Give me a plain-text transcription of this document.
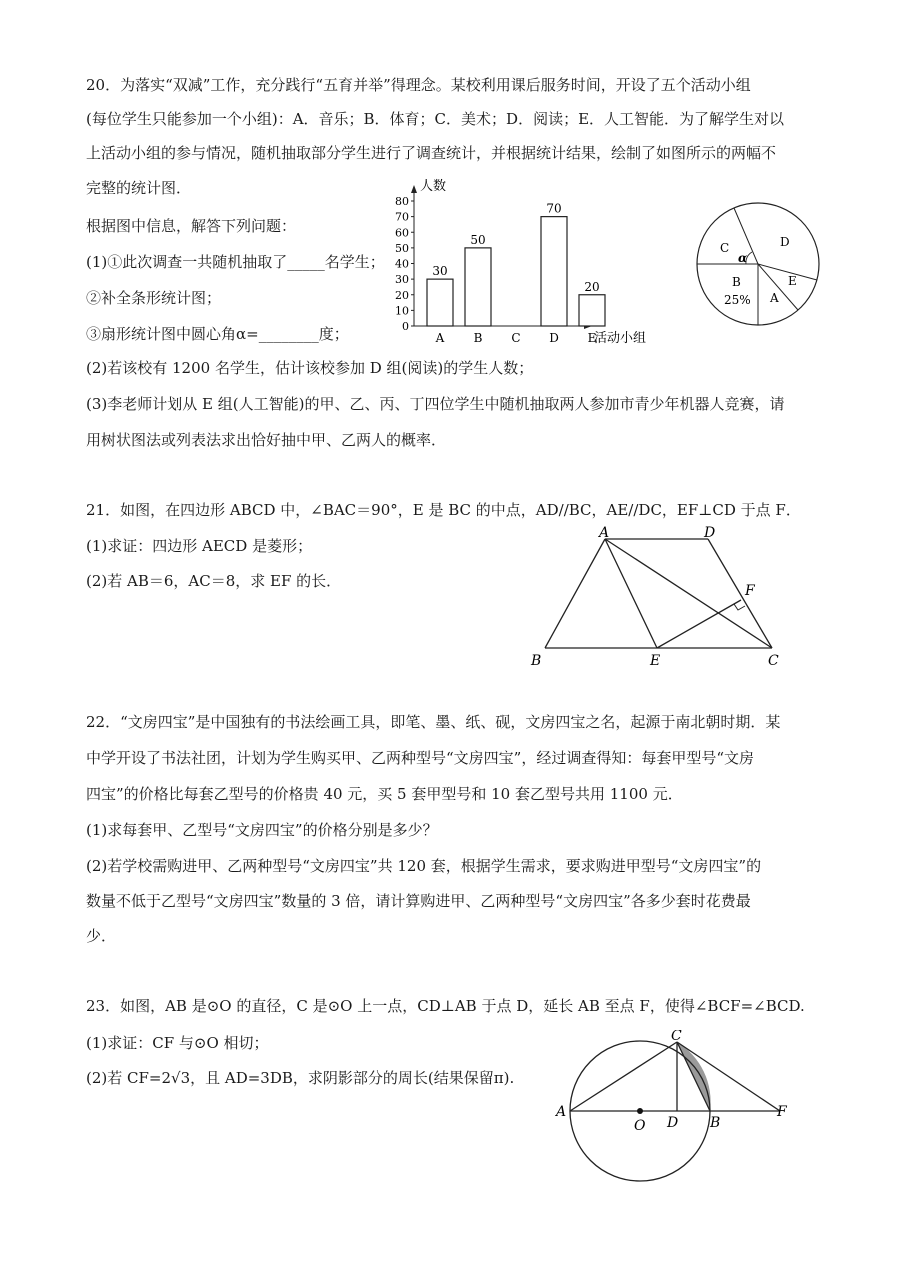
20．为落实“双减”工作，充分践行“五育并举”得理念。某校利用课后服务时间，开设了五个活动小组
(每位学生只能参加一个小组)：A．音乐；B．体育；C．美术；D．阅读；E．人工智能．为了解学生对以
上活动小组的参与情况，随机抽取部分学生进行了调查统计，并根据统计结果，绘制了如图所示的两幅不
完整的统计图．
根据图中信息，解答下列问题：
(1)①此次调查一共随机抽取了_____名学生；
②补全条形统计图；
③扇形统计图中圆心角α=________度；
(2)若该校有 1200 名学生，估计该校参加 D 组(阅读)的学生人数；
(3)李老师计划从 E 组(人工智能)的甲、乙、丙、丁四位学生中随机抽取两人参加市青少年机器人竞赛，请
用树状图法或列表法求出恰好抽中甲、乙两人的概率．
0
10
20
30
40
50
60
70
80
30
50
70
20
A B C D E
人数
活动小组
C
α
D
B
25%
E
A
21．如图，在四边形 ABCD 中，∠BAC＝90°，E 是 BC 的中点，AD//BC，AE//DC，EF⊥CD 于点 F．
(1)求证：四边形 AECD 是菱形；
(2)若 AB＝6，AC＝8，求 EF 的长．
A	D
F
B	E	C
22．“文房四宝”是中国独有的书法绘画工具，即笔、墨、纸、砚，文房四宝之名，起源于南北朝时期．某
中学开设了书法社团，计划为学生购买甲、乙两种型号“文房四宝”，经过调查得知：每套甲型号“文房
四宝”的价格比每套乙型号的价格贵 40 元，买 5 套甲型号和 10 套乙型号共用 1100 元．
(1)求每套甲、乙型号“文房四宝”的价格分别是多少？
(2)若学校需购进甲、乙两种型号“文房四宝”共 120 套，根据学生需求，要求购进甲型号“文房四宝”的
数量不低于乙型号“文房四宝”数量的 3 倍，请计算购进甲、乙两种型号“文房四宝”各多少套时花费最
少．
23．如图，AB 是⊙O 的直径，C 是⊙O 上一点，CD⊥AB 于点 D，延长 AB 至点 F，使得∠BCF=∠BCD.
(1)求证：CF 与⊙O 相切；
(2)若 CF=2√3，且 AD=3DB，求阴影部分的周长(结果保留π).
C
A
O D B
F
